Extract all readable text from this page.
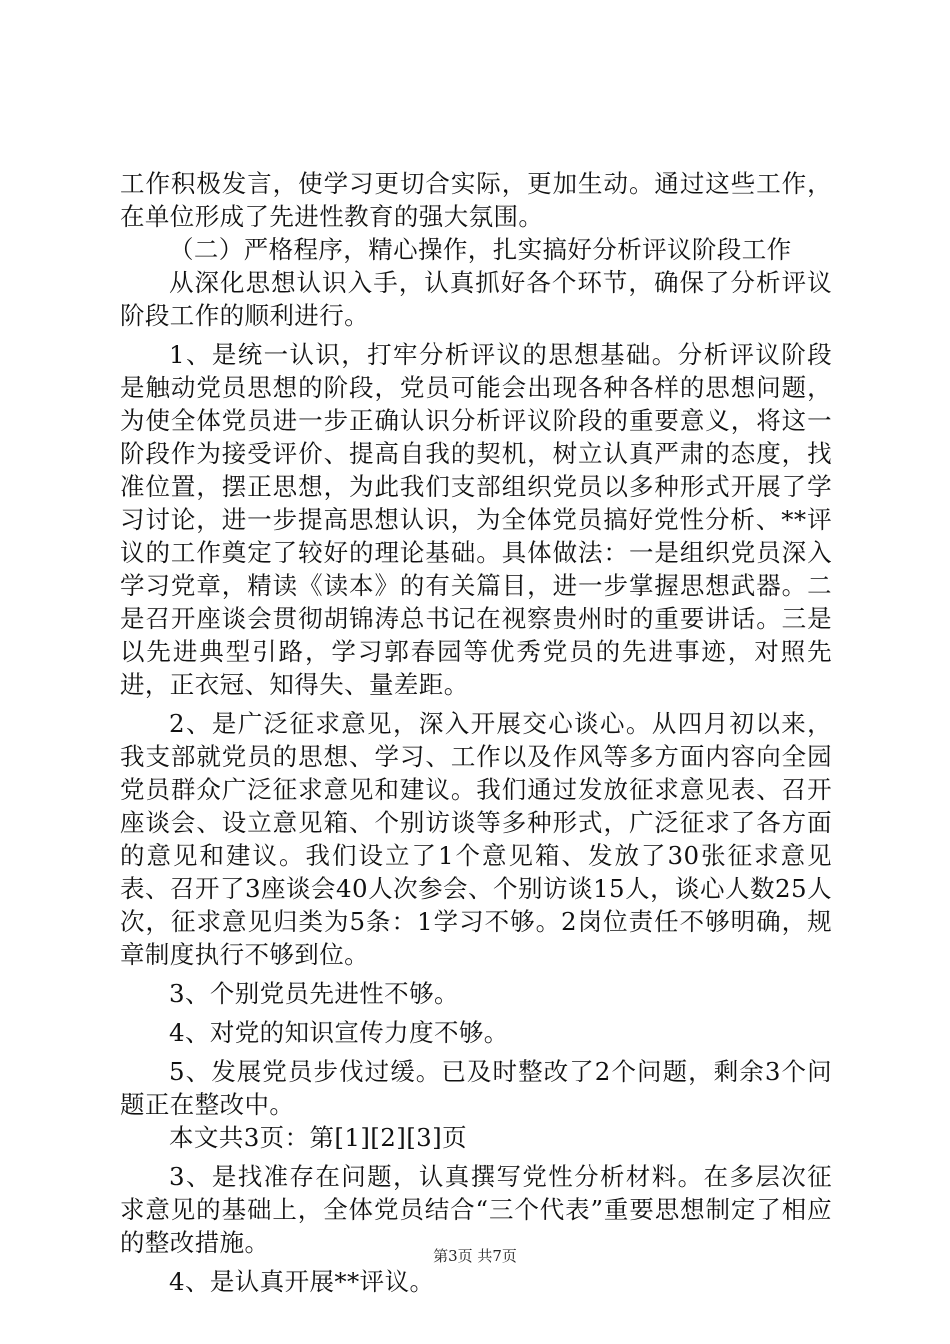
工作积极发言，使学习更切合实际，更加生动。通过这些工作，在单位形成了先进性教育的强大氛围。

（二）严格程序，精心操作，扎实搞好分析评议阶段工作

从深化思想认识入手，认真抓好各个环节，确保了分析评议阶段工作的顺利进行。

1、是统一认识，打牢分析评议的思想基础。分析评议阶段是触动党员思想的阶段，党员可能会出现各种各样的思想问题，为使全体党员进一步正确认识分析评议阶段的重要意义，将这一阶段作为接受评价、提高自我的契机，树立认真严肃的态度，找准位置，摆正思想，为此我们支部组织党员以多种形式开展了学习讨论，进一步提高思想认识，为全体党员搞好党性分析、**评议的工作奠定了较好的理论基础。具体做法：一是组织党员深入学习党章，精读《读本》的有关篇目，进一步掌握思想武器。二是召开座谈会贯彻胡锦涛总书记在视察贵州时的重要讲话。三是以先进典型引路，学习郭春园等优秀党员的先进事迹，对照先进，正衣冠、知得失、量差距。

2、是广泛征求意见，深入开展交心谈心。从四月初以来，我支部就党员的思想、学习、工作以及作风等多方面内容向全园党员群众广泛征求意见和建议。我们通过发放征求意见表、召开座谈会、设立意见箱、个别访谈等多种形式，广泛征求了各方面的意见和建议。我们设立了1个意见箱、发放了30张征求意见表、召开了3座谈会40人次参会、个别访谈15人，谈心人数25人次，征求意见归类为5条：1学习不够。2岗位责任不够明确，规章制度执行不够到位。

3、个别党员先进性不够。

4、对党的知识宣传力度不够。

5、发展党员步伐过缓。已及时整改了2个问题，剩余3个问题正在整改中。

本文共3页：第[1][2][3]页

3、是找准存在问题，认真撰写党性分析材料。在多层次征求意见的基础上，全体党员结合“三个代表”重要思想制定了相应的整改措施。

4、是认真开展**评议。

第3页 共7页
